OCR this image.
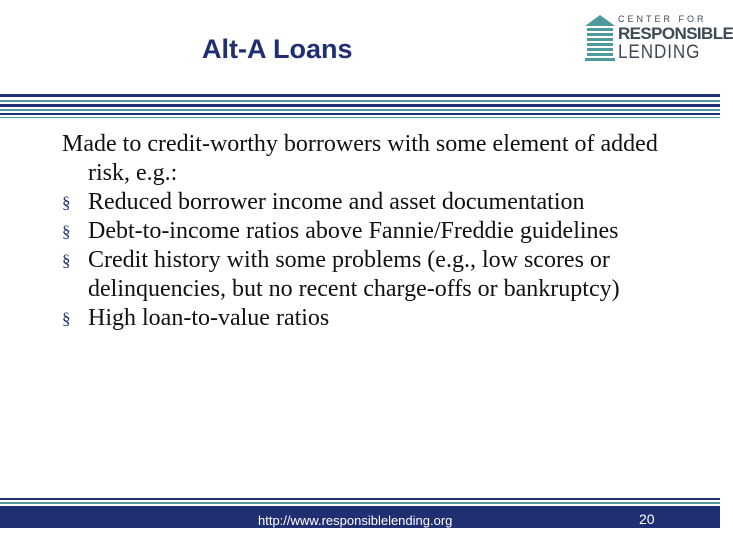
Alt-A Loans
CENTER FOR
RESPONSIBLE
LENDING

Made to credit-worthy borrowers with some element of added risk, e.g.:

§ Reduced borrower income and asset documentation
§ Debt-to-income ratios above Fannie/Freddie guidelines
§ Credit history with some problems (e.g., low scores or delinquencies, but no recent charge-offs or bankruptcy)
§ High loan-to-value ratios
http://www.responsiblelending.org	20
